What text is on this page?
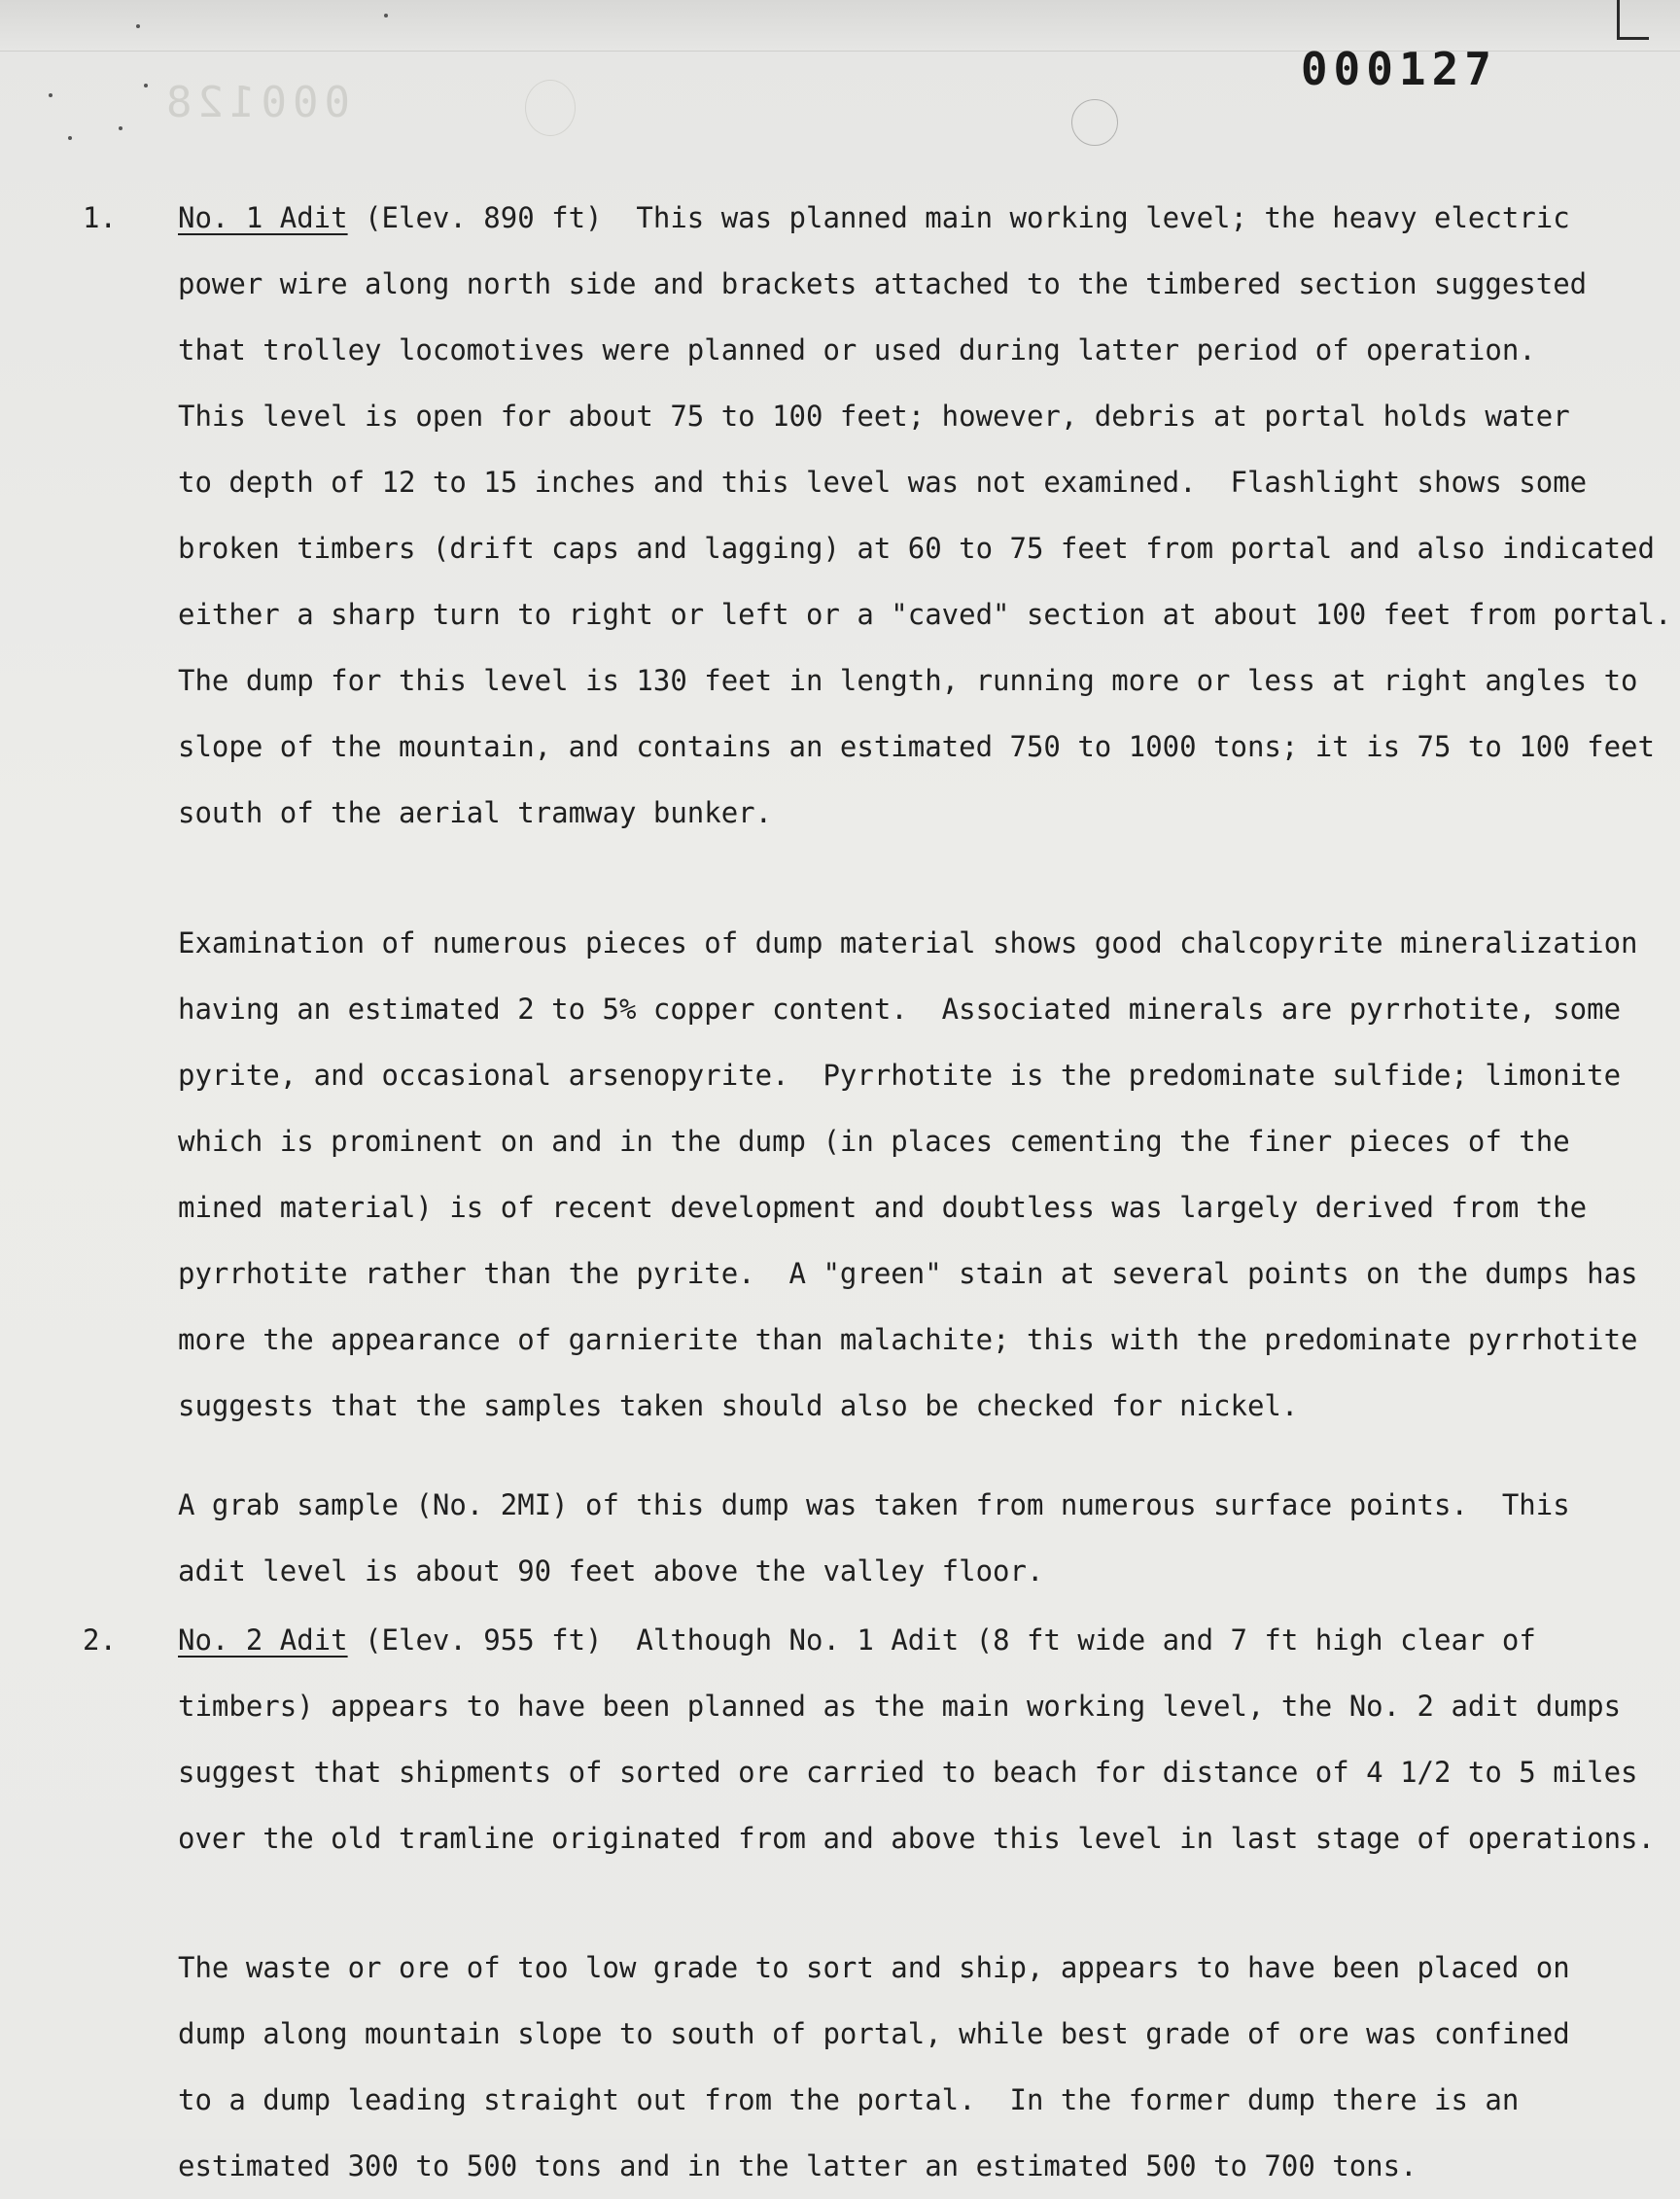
000128
000127
1. No. 1 Adit (Elev. 890 ft)  This was planned main working level; the heavy electric
power wire along north side and brackets attached to the timbered section suggested
that trolley locomotives were planned or used during latter period of operation.
This level is open for about 75 to 100 feet; however, debris at portal holds water
to depth of 12 to 15 inches and this level was not examined.  Flashlight shows some
broken timbers (drift caps and lagging) at 60 to 75 feet from portal and also indicated
either a sharp turn to right or left or a "caved" section at about 100 feet from portal.
The dump for this level is 130 feet in length, running more or less at right angles to
slope of the mountain, and contains an estimated 750 to 1000 tons; it is 75 to 100 feet
south of the aerial tramway bunker.
Examination of numerous pieces of dump material shows good chalcopyrite mineralization
having an estimated 2 to 5% copper content.  Associated minerals are pyrrhotite, some
pyrite, and occasional arsenopyrite.  Pyrrhotite is the predominate sulfide; limonite
which is prominent on and in the dump (in places cementing the finer pieces of the
mined material) is of recent development and doubtless was largely derived from the
pyrrhotite rather than the pyrite.  A "green" stain at several points on the dumps has
more the appearance of garnierite than malachite; this with the predominate pyrrhotite
suggests that the samples taken should also be checked for nickel.
A grab sample (No. 2MI) of this dump was taken from numerous surface points.  This
adit level is about 90 feet above the valley floor.
2. No. 2 Adit (Elev. 955 ft)  Although No. 1 Adit (8 ft wide and 7 ft high clear of
timbers) appears to have been planned as the main working level, the No. 2 adit dumps
suggest that shipments of sorted ore carried to beach for distance of 4 1/2 to 5 miles
over the old tramline originated from and above this level in last stage of operations.
The waste or ore of too low grade to sort and ship, appears to have been placed on
dump along mountain slope to south of portal, while best grade of ore was confined
to a dump leading straight out from the portal.  In the former dump there is an
estimated 300 to 500 tons and in the latter an estimated 500 to 700 tons.
